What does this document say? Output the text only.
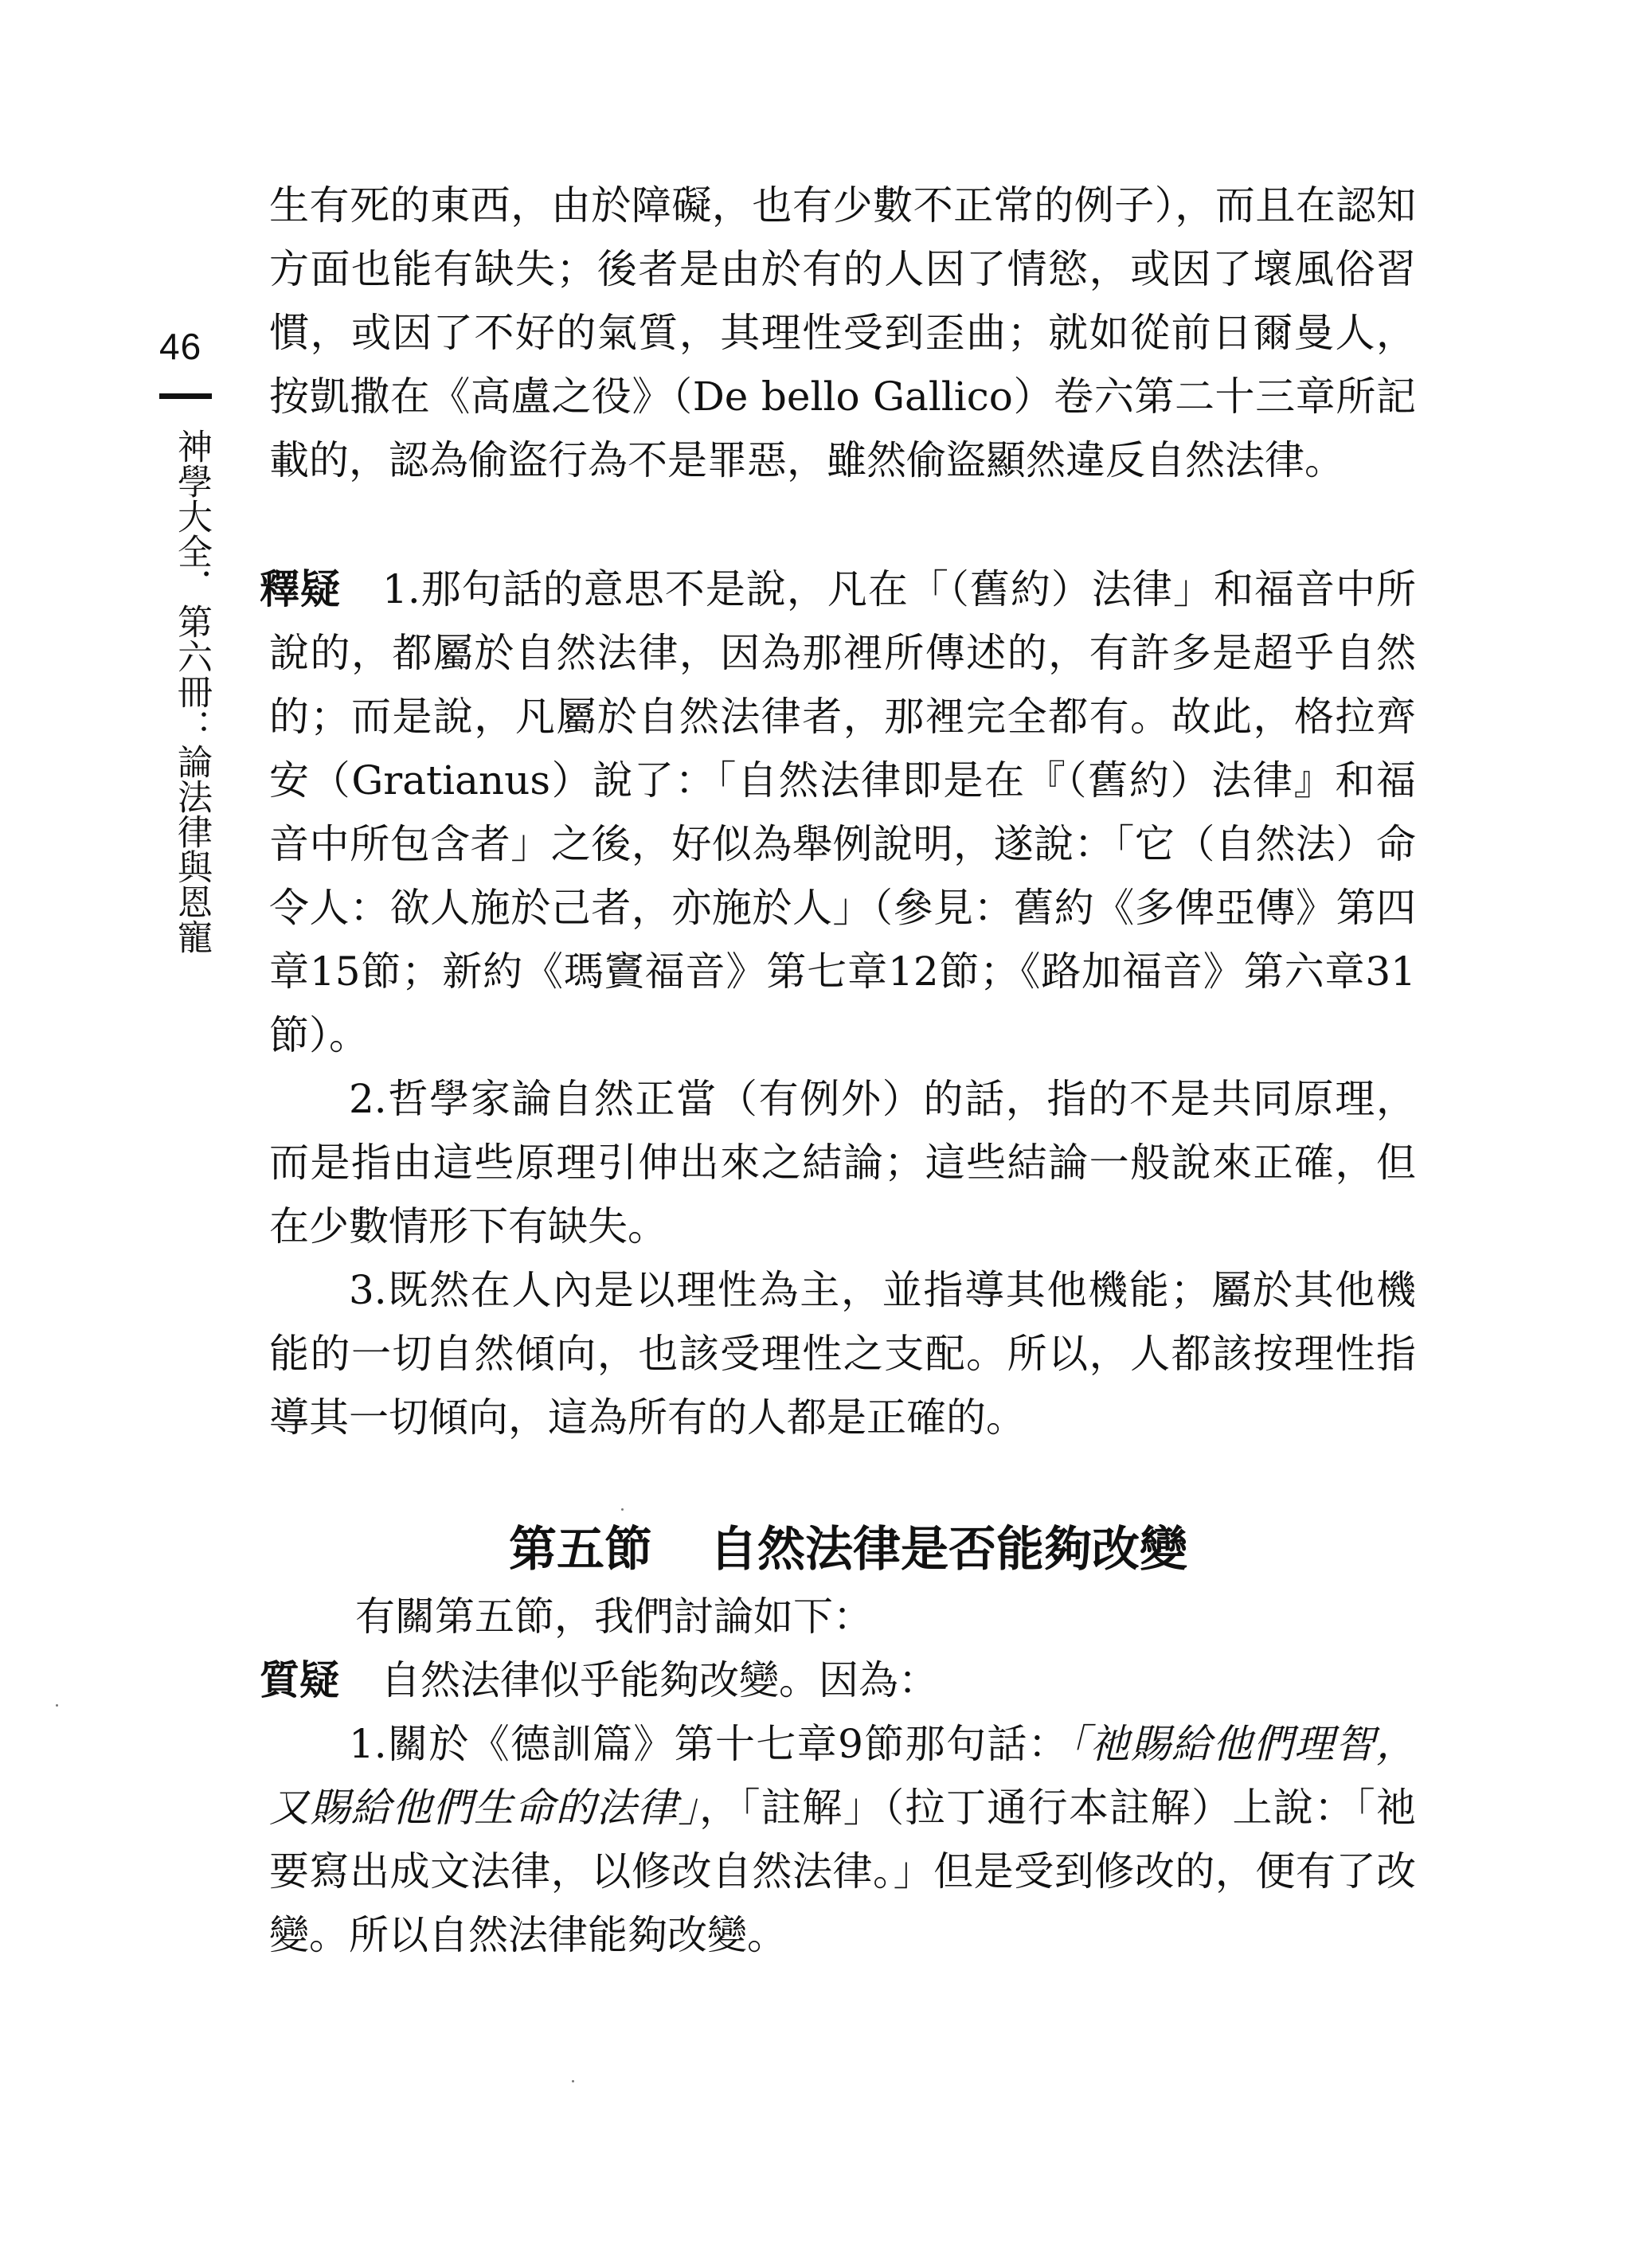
46
神學大全．第六冊：論法律與恩寵

生有死的東西，由於障礙，也有少數不正常的例子），而且在認知方面也能有缺失；後者是由於有的人因了情慾，或因了壞風俗習慣，或因了不好的氣質，其理性受到歪曲；就如從前日爾曼人，按凱撒在《高盧之役》（De bello Gallico）卷六第二十三章所記載的，認為偷盜行為不是罪惡，雖然偷盜顯然違反自然法律。

釋疑 1.那句話的意思不是說，凡在「（舊約）法律」和福音中所說的，都屬於自然法律，因為那裡所傳述的，有許多是超乎自然的；而是說，凡屬於自然法律者，那裡完全都有。故此，格拉齊安（Gratianus）說了：「自然法律即是在『（舊約）法律』和福音中所包含者」之後，好似為舉例說明，遂說：「它（自然法）命令人：欲人施於己者，亦施於人」（參見：舊約《多俾亞傳》第四章15節；新約《瑪竇福音》第七章12節；《路加福音》第六章31節）。

2.哲學家論自然正當（有例外）的話，指的不是共同原理，而是指由這些原理引伸出來之結論；這些結論一般說來正確，但在少數情形下有缺失。

3.既然在人內是以理性為主，並指導其他機能；屬於其他機能的一切自然傾向，也該受理性之支配。所以，人都該按理性指導其一切傾向，這為所有的人都是正確的。

第五節 自然法律是否能夠改變

有關第五節，我們討論如下：

質疑 自然法律似乎能夠改變。因為：

1.關於《德訓篇》第十七章9節那句話：「祂賜給他們理智，又賜給他們生命的法律」，「註解」（拉丁通行本註解）上說：「祂要寫出成文法律，以修改自然法律。」但是受到修改的，便有了改變。所以自然法律能夠改變。
